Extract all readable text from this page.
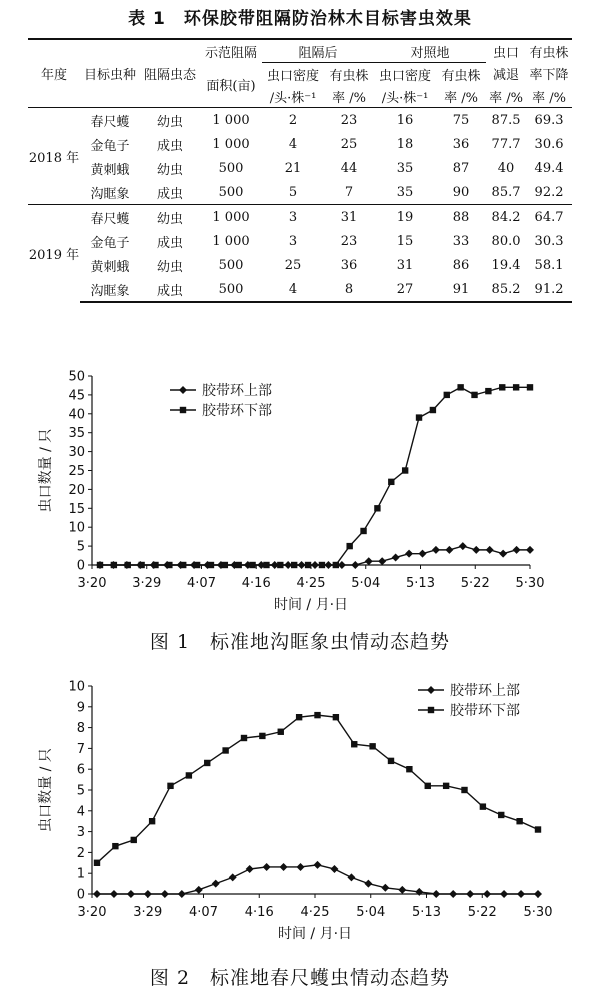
表 1　环保胶带阻隔防治林木目标害虫效果
年度	目标虫种	阻隔虫态	示范阻隔	阻隔后		对照地		虫口	有虫株
			面积(亩)	虫口密度	有虫株	虫口密度	有虫株	减退	率下降
				/头·株⁻¹	率 /%	/头·株⁻¹	率 /%	率 /%	率 /%
2018 年	春尺蠖	幼虫	1 000	2	23	16	75	87.5	69.3
	金龟子	成虫	1 000	4	25	18	36	77.7	30.6
	黄刺蛾	幼虫	500	21	44	35	87	40	49.4
	沟眶象	成虫	500	5	7	35	90	85.7	92.2
2019 年	春尺蠖	幼虫	1 000	3	31	19	88	84.2	64.7
	金龟子	成虫	1 000	3	23	15	33	80.0	30.3
	黄刺蛾	幼虫	500	25	36	31	86	19.4	58.1
	沟眶象	成虫	500	4	8	27	91	85.2	91.2
0
5
10
15
20
25
30
35
40
45
50
3·20 3·29 4·07 4·16 4·25 5·04 5·13 5·22 5·30
时间 / 月·日
虫口数量 / 只
胶带环上部
胶带环下部
图 1　标准地沟眶象虫情动态趋势
0
1
2
3
4
5
6
7
8
9
10
3·20 3·29 4·07 4·16 4·25 5·04 5·13 5·22 5·30
时间 / 月·日
虫口数量 / 只
胶带环上部
胶带环下部
图 2　标准地春尺蠖虫情动态趋势
